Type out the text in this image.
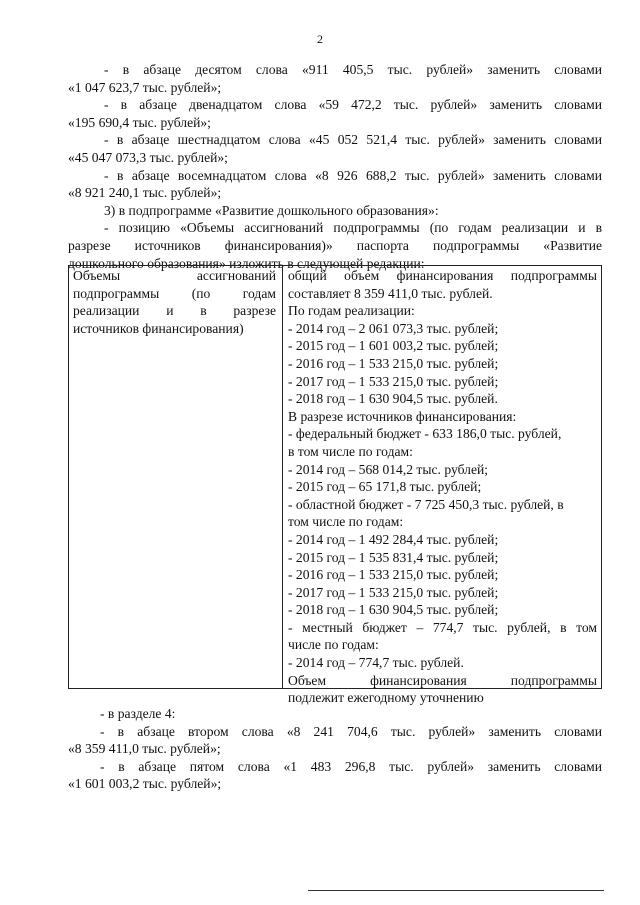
2
- в абзаце десятом слова «911 405,5 тыс. рублей» заменить словами
«1 047 623,7 тыс. рублей»;
- в абзаце двенадцатом слова «59 472,2 тыс. рублей» заменить словами
«195 690,4 тыс. рублей»;
- в абзаце шестнадцатом слова «45 052 521,4 тыс. рублей» заменить словами
«45 047 073,3 тыс. рублей»;
- в абзаце восемнадцатом слова «8 926 688,2 тыс. рублей» заменить словами
«8 921 240,1 тыс. рублей»;
3) в подпрограмме «Развитие дошкольного образования»:
- позицию «Объемы ассигнований подпрограммы (по годам реализации и в
разрезе источников финансирования)» паспорта подпрограммы «Развитие
дошкольного образования» изложить в следующей редакции:
Объемы ассигнований
подпрограммы (по годам
реализации и в разрезе
источников финансирования)
общий объем финансирования подпрограммы
составляет 8 359 411,0 тыс. рублей.
По годам реализации:
- 2014 год – 2 061 073,3 тыс. рублей;
- 2015 год – 1 601 003,2 тыс. рублей;
- 2016 год – 1 533 215,0 тыс. рублей;
- 2017 год – 1 533 215,0 тыс. рублей;
- 2018 год – 1 630 904,5 тыс. рублей.
В разрезе источников финансирования:
- федеральный бюджет - 633 186,0 тыс. рублей,
в том числе по годам:
- 2014 год – 568 014,2 тыс. рублей;
- 2015 год – 65 171,8 тыс. рублей;
- областной бюджет - 7 725 450,3 тыс. рублей, в
том числе по годам:
- 2014 год – 1 492 284,4 тыс. рублей;
- 2015 год – 1 535 831,4 тыс. рублей;
- 2016 год – 1 533 215,0 тыс. рублей;
- 2017 год – 1 533 215,0 тыс. рублей;
- 2018 год – 1 630 904,5 тыс. рублей;
- местный бюджет – 774,7 тыс. рублей, в том
числе по годам:
- 2014 год – 774,7 тыс. рублей.
Объем финансирования подпрограммы
подлежит ежегодному уточнению
- в разделе 4:
- в абзаце втором слова «8 241 704,6 тыс. рублей» заменить словами
«8 359 411,0 тыс. рублей»;
- в абзаце пятом слова «1 483 296,8 тыс. рублей» заменить словами
«1 601 003,2 тыс. рублей»;
